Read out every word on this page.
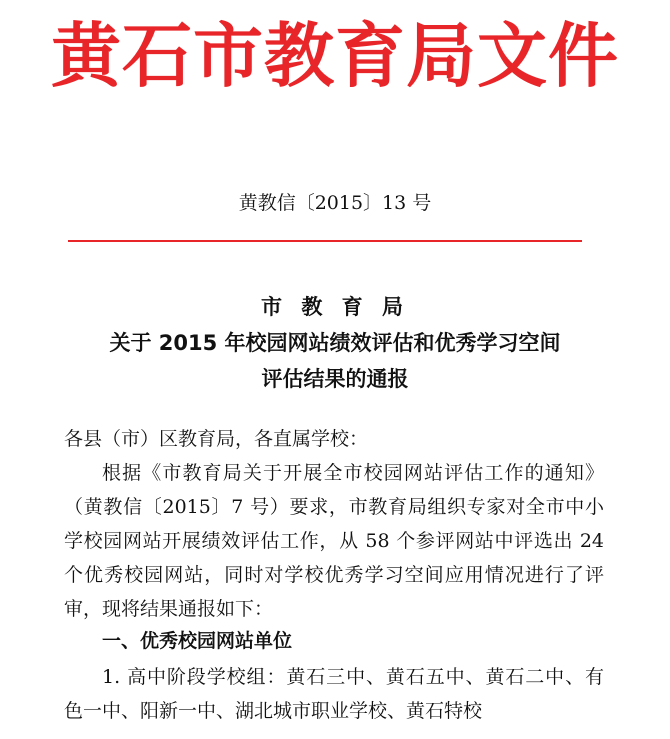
黄石市教育局文件
黄教信〔2015〕13 号
市 教 育 局
关于 2015 年校园网站绩效评估和优秀学习空间
评估结果的通报
各县（市）区教育局，各直属学校：
根据《市教育局关于开展全市校园网站评估工作的通知》
（黄教信〔2015〕7 号）要求，市教育局组织专家对全市中小
学校园网站开展绩效评估工作，从 58 个参评网站中评选出 24
个优秀校园网站，同时对学校优秀学习空间应用情况进行了评
审，现将结果通报如下：
一、优秀校园网站单位
1. 高中阶段学校组：黄石三中、黄石五中、黄石二中、有
色一中、阳新一中、湖北城市职业学校、黄石特校
